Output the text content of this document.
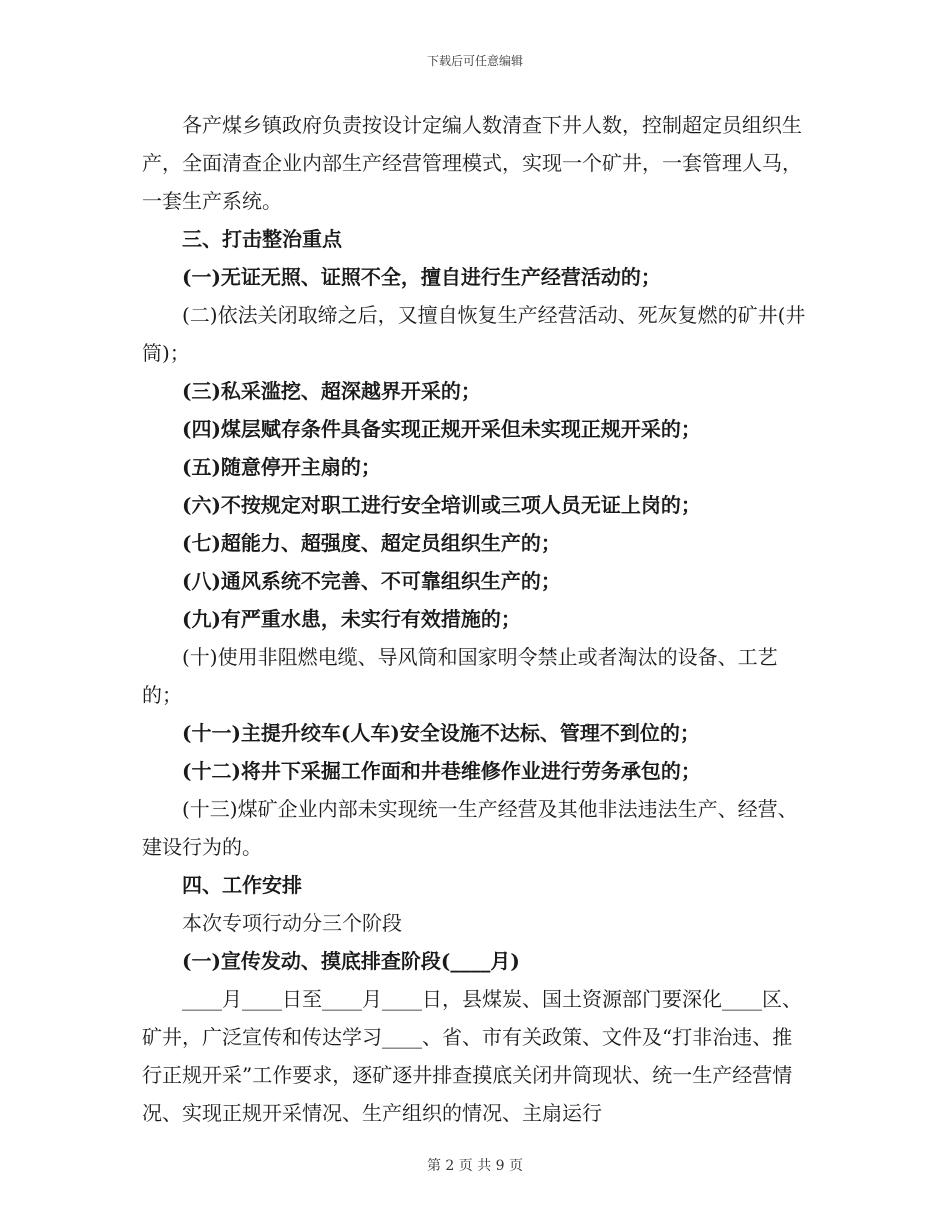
下载后可任意编辑

各产煤乡镇政府负责按设计定编人数清查下井人数，控制超定员组织生产，全面清查企业内部生产经营管理模式，实现一个矿井，一套管理人马，一套生产系统。

三、打击整治重点

(一)无证无照、证照不全，擅自进行生产经营活动的；

(二)依法关闭取缔之后，又擅自恢复生产经营活动、死灰复燃的矿井(井筒)；

(三)私采滥挖、超深越界开采的；

(四)煤层赋存条件具备实现正规开采但未实现正规开采的；

(五)随意停开主扇的；

(六)不按规定对职工进行安全培训或三项人员无证上岗的；

(七)超能力、超强度、超定员组织生产的；

(八)通风系统不完善、不可靠组织生产的；

(九)有严重水患，未实行有效措施的；

(十)使用非阻燃电缆、导风筒和国家明令禁止或者淘汰的设备、工艺的；

(十一)主提升绞车(人车)安全设施不达标、管理不到位的；

(十二)将井下采掘工作面和井巷维修作业进行劳务承包的；

(十三)煤矿企业内部未实现统一生产经营及其他非法违法生产、经营、建设行为的。

四、工作安排

本次专项行动分三个阶段

(一)宣传发动、摸底排查阶段(____月)

____月____日至____月____日，县煤炭、国土资源部门要深化____区、矿井，广泛宣传和传达学习____、省、市有关政策、文件及“打非治违、推行正规开采”工作要求，逐矿逐井排查摸底关闭井筒现状、统一生产经营情况、实现正规开采情况、生产组织的情况、主扇运行

第 2 页 共 9 页
